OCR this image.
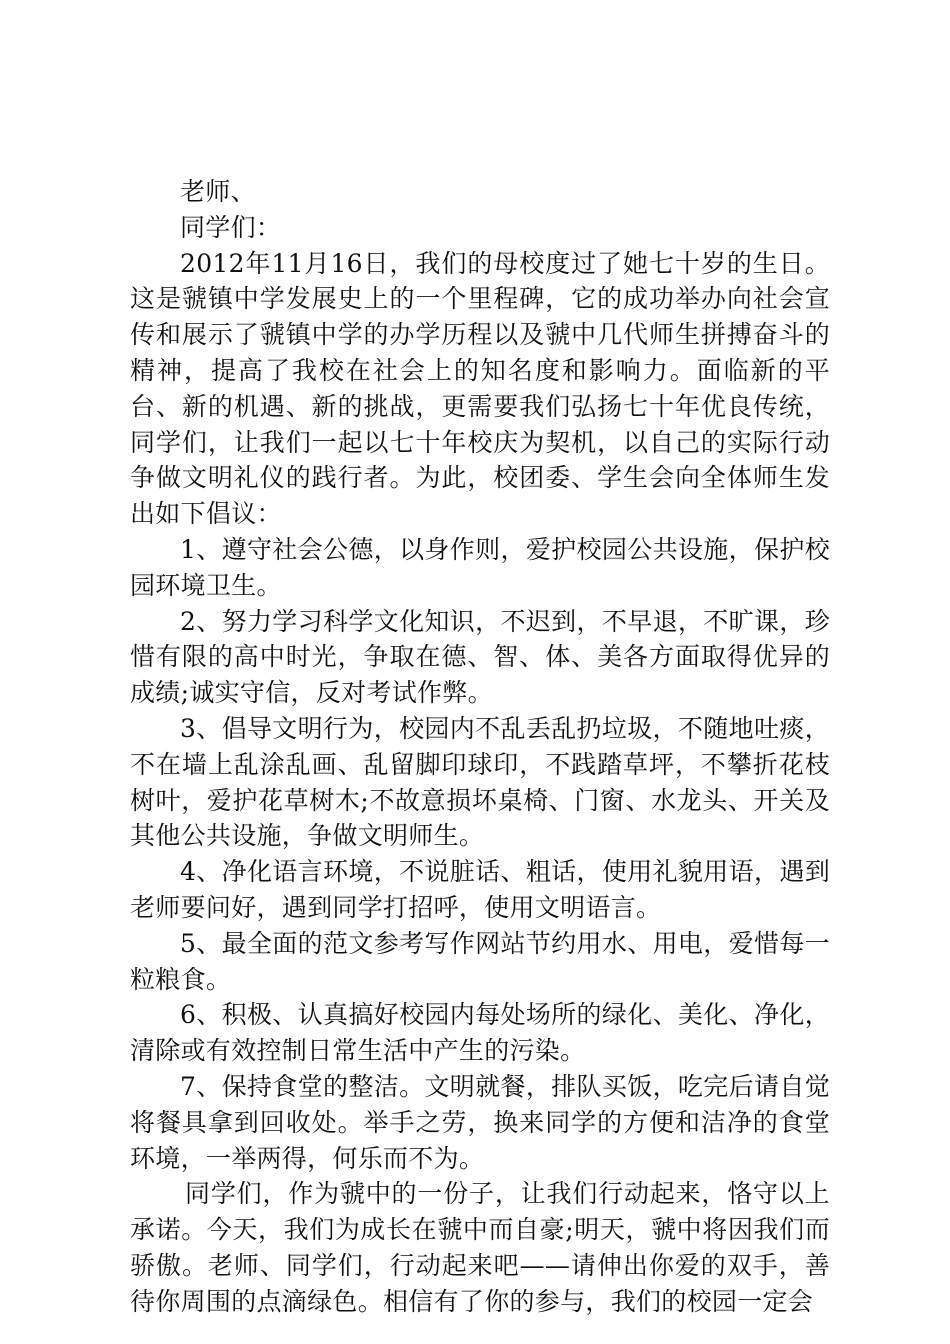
老师、

同学们：

2012年11月16日，我们的母校度过了她七十岁的生日。这是虢镇中学发展史上的一个里程碑，它的成功举办向社会宣传和展示了虢镇中学的办学历程以及虢中几代师生拼搏奋斗的精神，提高了我校在社会上的知名度和影响力。面临新的平台、新的机遇、新的挑战，更需要我们弘扬七十年优良传统，同学们，让我们一起以七十年校庆为契机，以自己的实际行动争做文明礼仪的践行者。为此，校团委、学生会向全体师生发出如下倡议：

1、遵守社会公德，以身作则，爱护校园公共设施，保护校园环境卫生。

2、努力学习科学文化知识，不迟到，不早退，不旷课，珍惜有限的高中时光，争取在德、智、体、美各方面取得优异的成绩;诚实守信，反对考试作弊。

3、倡导文明行为，校园内不乱丢乱扔垃圾，不随地吐痰，不在墙上乱涂乱画、乱留脚印球印，不践踏草坪，不攀折花枝树叶，爱护花草树木;不故意损坏桌椅、门窗、水龙头、开关及其他公共设施，争做文明师生。

4、净化语言环境，不说脏话、粗话，使用礼貌用语，遇到老师要问好，遇到同学打招呼，使用文明语言。

5、最全面的范文参考写作网站节约用水、用电，爱惜每一粒粮食。

6、积极、认真搞好校园内每处场所的绿化、美化、净化，清除或有效控制日常生活中产生的污染。

7、保持食堂的整洁。文明就餐，排队买饭，吃完后请自觉将餐具拿到回收处。举手之劳，换来同学的方便和洁净的食堂环境，一举两得，何乐而不为。

同学们，作为虢中的一份子，让我们行动起来，恪守以上承诺。今天，我们为成长在虢中而自豪;明天，虢中将因我们而骄傲。老师、同学们，行动起来吧——请伸出你爱的双手，善待你周围的点滴绿色。相信有了你的参与，我们的校园一定会
